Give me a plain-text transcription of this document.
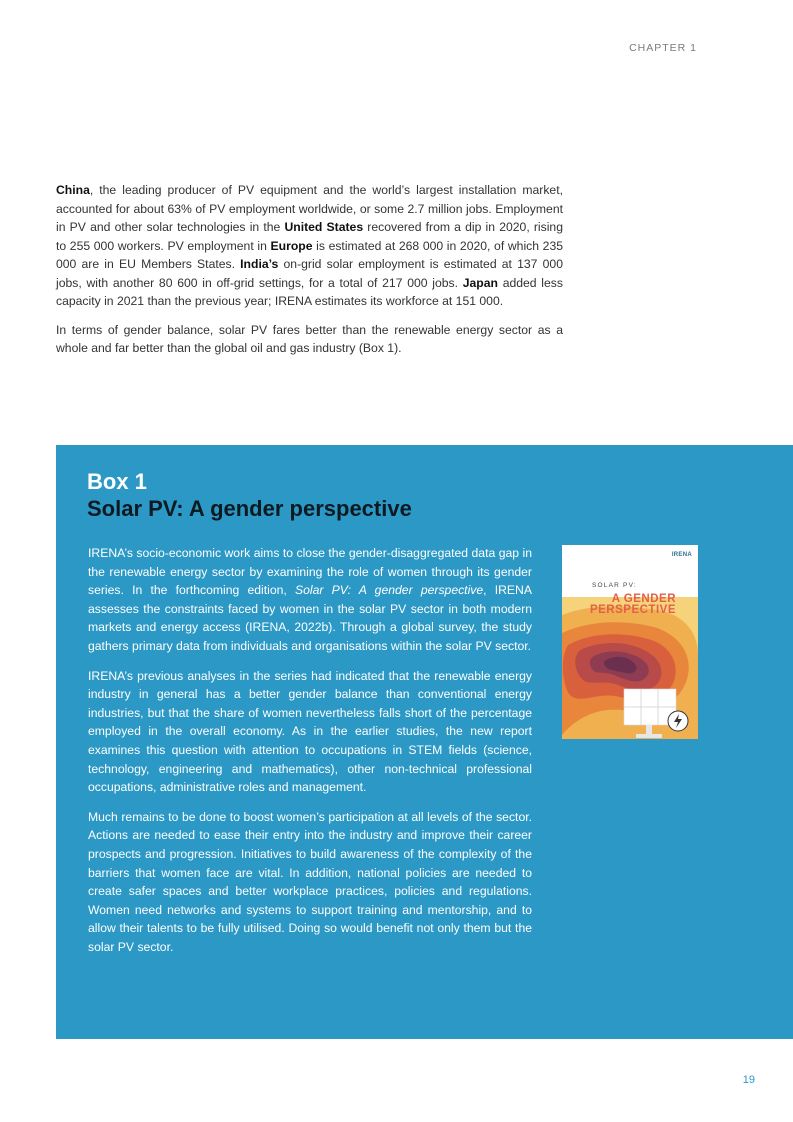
CHAPTER 1

China, the leading producer of PV equipment and the world’s largest installation market, accounted for about 63% of PV employment worldwide, or some 2.7 million jobs. Employment in PV and other solar technologies in the United States recovered from a dip in 2020, rising to 255 000 workers. PV employment in Europe is estimated at 268 000 in 2020, of which 235 000 are in EU Members States. India’s on-grid solar employment is estimated at 137 000 jobs, with another 80 600 in off-grid settings, for a total of 217 000 jobs. Japan added less capacity in 2021 than the previous year; IRENA estimates its workforce at 151 000.

In terms of gender balance, solar PV fares better than the renewable energy sector as a whole and far better than the global oil and gas industry (Box 1).

Box 1
Solar PV: A gender perspective

IRENA’s socio-economic work aims to close the gender-disaggregated data gap in the renewable energy sector by examining the role of women through its gender series. In the forthcoming edition, Solar PV: A gender perspective, IRENA assesses the constraints faced by women in the solar PV sector in both modern markets and energy access (IRENA, 2022b). Through a global survey, the study gathers primary data from individuals and organisations within the solar PV sector.

IRENA’s previous analyses in the series had indicated that the renewable energy industry in general has a better gender balance than conventional energy industries, but that the share of women nevertheless falls short of the percentage employed in the overall economy. As in the earlier studies, the new report examines this question with attention to occupations in STEM fields (science, technology, engineering and mathematics), other non-technical professional occupations, administrative roles and management.

Much remains to be done to boost women’s participation at all levels of the sector. Actions are needed to ease their entry into the industry and improve their career prospects and progression. Initiatives to build awareness of the complexity of the barriers that women face are vital. In addition, national policies are needed to create safer spaces and better workplace practices, policies and regulations. Women need networks and systems to support training and mentorship, and to allow their talents to be fully utilised. Doing so would benefit not only them but the solar PV sector.

IRENA
SOLAR PV:
A GENDER
PERSPECTIVE
19
